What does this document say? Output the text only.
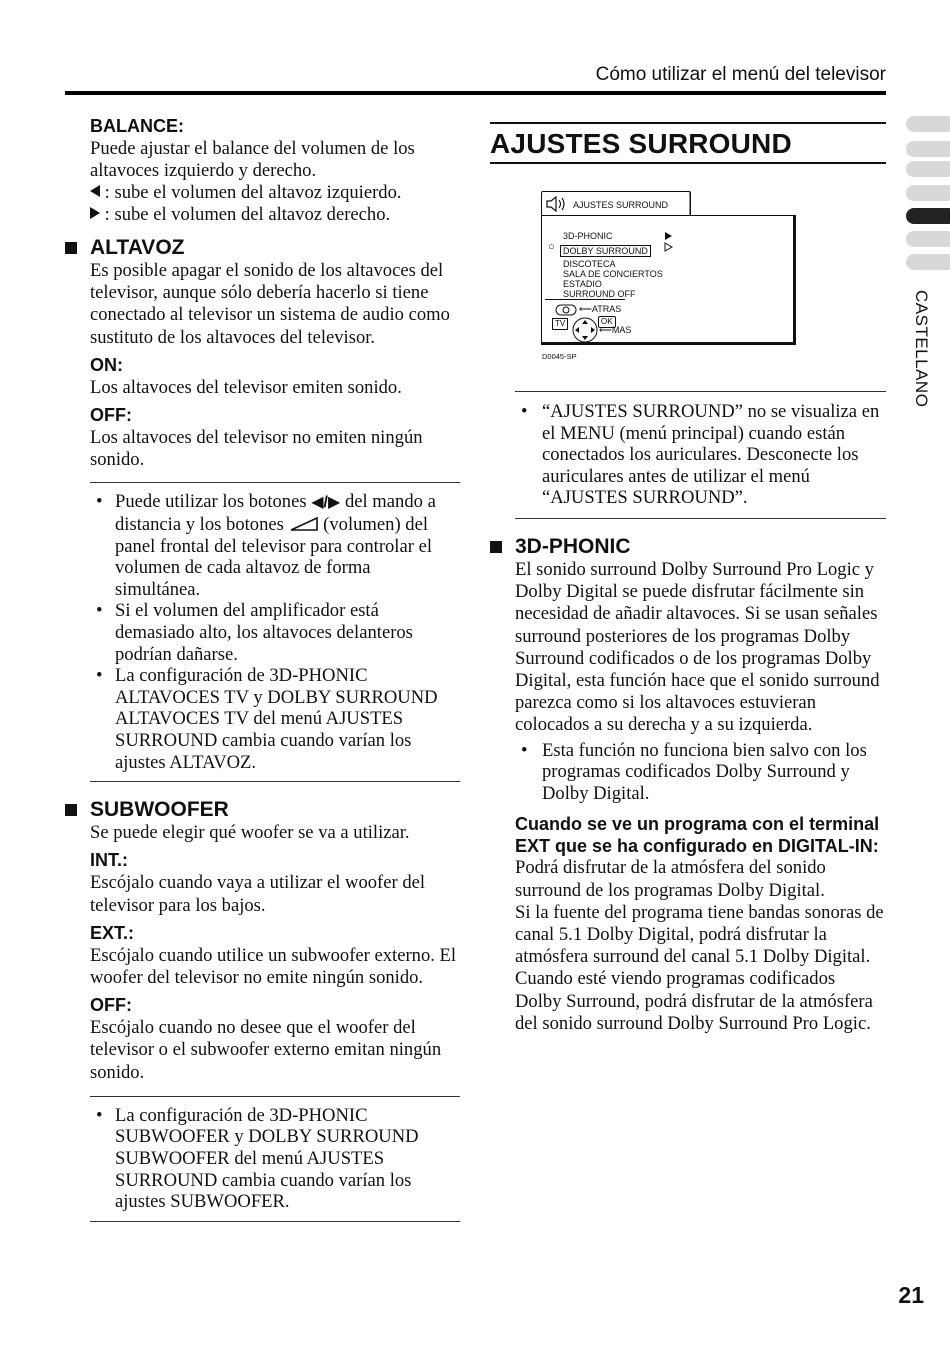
Cómo utilizar el menú del televisor
BALANCE:
Puede ajustar el balance del volumen de los altavoces izquierdo y derecho.
: sube el volumen del altavoz izquierdo.
: sube el volumen del altavoz derecho.
ALTAVOZ
Es posible apagar el sonido de los altavoces del televisor, aunque sólo debería hacerlo si tiene conectado al televisor un sistema de audio como sustituto de los altavoces del televisor.
ON:
Los altavoces del televisor emiten sonido.
OFF:
Los altavoces del televisor no emiten ningún sonido.
• Puede utilizar los botones ◀/▶ del mando a distancia y los botones  (volumen) del panel frontal del televisor para controlar el volumen de cada altavoz de forma simultánea.
• Si el volumen del amplificador está demasiado alto, los altavoces delanteros podrían dañarse.
• La configuración de 3D-PHONIC ALTAVOCES TV y DOLBY SURROUND ALTAVOCES TV del menú AJUSTES SURROUND cambia cuando varían los ajustes ALTAVOZ.
SUBWOOFER
Se puede elegir qué woofer se va a utilizar.
INT.:
Escójalo cuando vaya a utilizar el woofer del televisor para los bajos.
EXT.:
Escójalo cuando utilice un subwoofer externo. El woofer del televisor no emite ningún sonido.
OFF:
Escójalo cuando no desee que el woofer del televisor o el subwoofer externo emitan ningún sonido.
• La configuración de 3D-PHONIC SUBWOOFER y DOLBY SURROUND SUBWOOFER del menú AJUSTES SURROUND cambia cuando varían los ajustes SUBWOOFER.
AJUSTES SURROUND
AJUSTES SURROUND
○
3D-PHONIC
DOLBY SURROUND
DISCOTECA
SALA DE CONCIERTOS
ESTADIO
SURROUND OFF
⟵ATRAS
TV	OK
⟵MAS
D0045-SP
• “AJUSTES SURROUND” no se visualiza en el MENU (menú principal) cuando están conectados los auriculares. Desconecte los auriculares antes de utilizar el menú “AJUSTES SURROUND”.
3D-PHONIC
El sonido surround Dolby Surround Pro Logic y Dolby Digital se puede disfrutar fácilmente sin necesidad de añadir altavoces. Si se usan señales surround posteriores de los programas Dolby Surround codificados o de los programas Dolby Digital, esta función hace que el sonido surround parezca como si los altavoces estuvieran colocados a su derecha y a su izquierda.
• Esta función no funciona bien salvo con los programas codificados Dolby Surround y Dolby Digital.
Cuando se ve un programa con el terminal EXT que se ha configurado en DIGITAL-IN:
Podrá disfrutar de la atmósfera del sonido surround de los programas Dolby Digital.
Si la fuente del programa tiene bandas sonoras de canal 5.1 Dolby Digital, podrá disfrutar la atmósfera surround del canal 5.1 Dolby Digital.
Cuando esté viendo programas codificados Dolby Surround, podrá disfrutar de la atmósfera del sonido surround Dolby Surround Pro Logic.
CASTELLANO
21
